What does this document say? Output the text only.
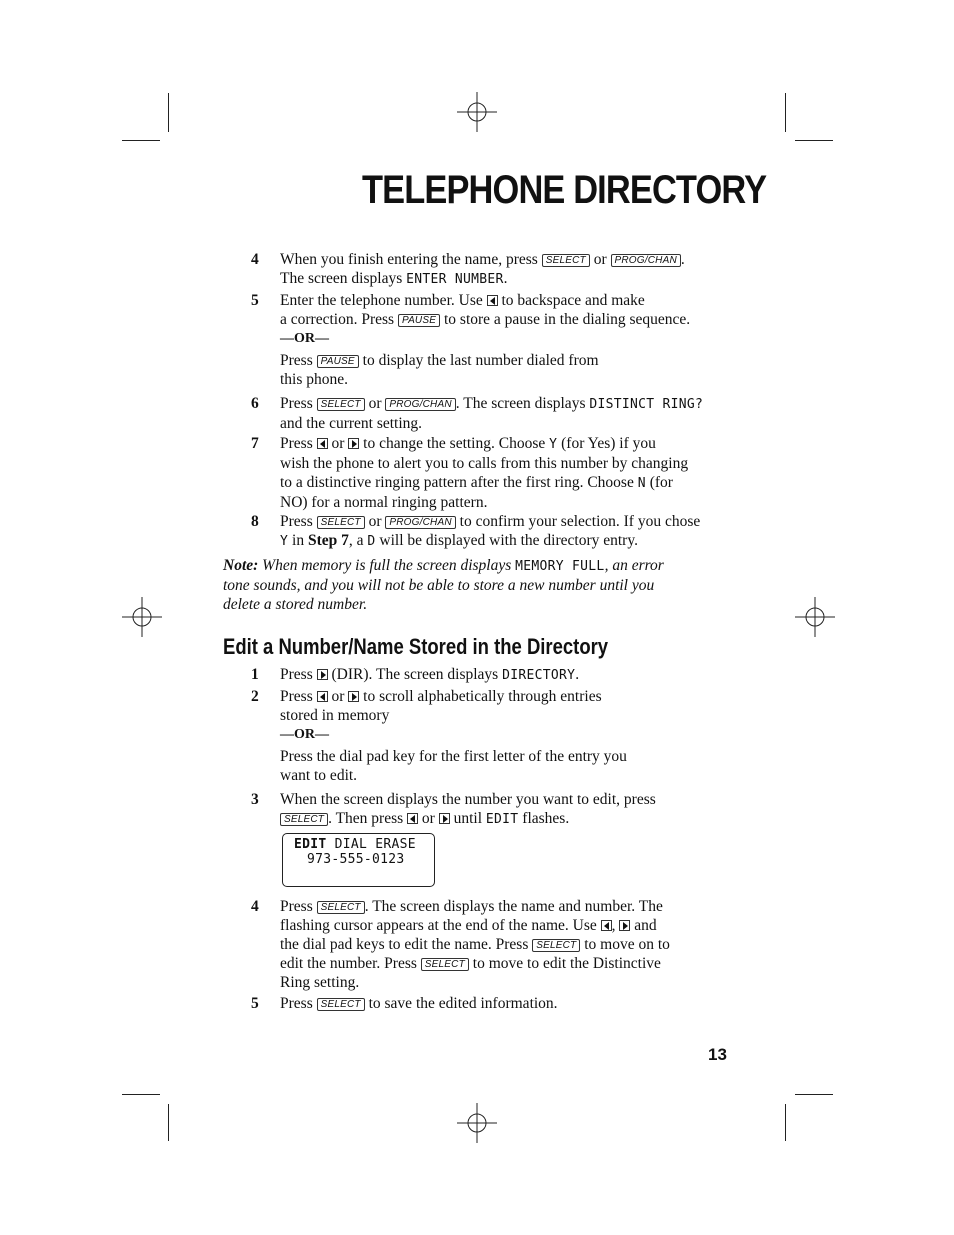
TELEPHONE DIRECTORY
4	When you finish entering the name, press SELECT or PROG/CHAN .
The screen displays ENTER NUMBER.
5	Enter the telephone number. Use to backspace and make
a correction. Press PAUSE to store a pause in the dialing sequence.
—OR—
Press PAUSE to display the last number dialed from
this phone.
6	Press SELECT or PROG/CHAN . The screen displays DISTINCT RING?
and the current setting.
7	Press or to change the setting. Choose Y (for Yes) if you
wish the phone to alert you to calls from this number by changing
to a distinctive ringing pattern after the first ring. Choose N (for
NO) for a normal ringing pattern.
8	Press SELECT or PROG/CHAN to confirm your selection. If you chose
Y in Step 7, a D will be displayed with the directory entry.
Note: When memory is full the screen displays MEMORY FULL, an error
tone sounds, and you will not be able to store a new number until you
delete a stored number.
Edit a Number/Name Stored in the Directory
1	Press (DIR). The screen displays DIRECTORY.
2	Press or to scroll alphabetically through entries
stored in memory
—OR—
Press the dial pad key for the first letter of the entry you
want to edit.
3	When the screen displays the number you want to edit, press
SELECT . Then press or until EDIT flashes.
EDIT DIAL ERASE
973-555-0123
4	Press SELECT . The screen displays the name and number. The
flashing cursor appears at the end of the name. Use , and
the dial pad keys to edit the name. Press SELECT to move on to
edit the number. Press SELECT to move to edit the Distinctive
Ring setting.
5	Press SELECT to save the edited information.
13
